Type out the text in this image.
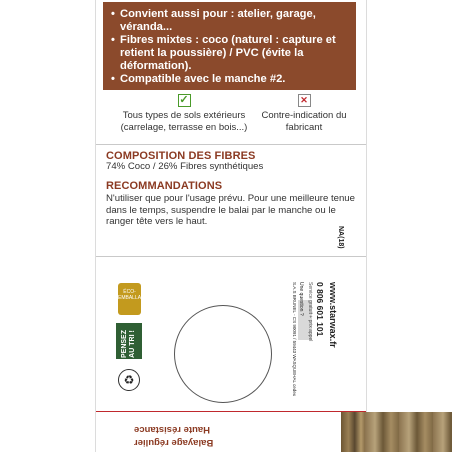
• Convient aussi pour : atelier, garage, véranda...
• Fibres mixtes : coco (naturel : capture et retient la poussière) / PVC (évite la déformation).
• Compatible avec le manche #2.
✓
Tous types de sols extérieurs (carrelage, terrasse en bois...)
✕
Contre-indication du fabricant
COMPOSITION DES FIBRES
74% Coco / 26% Fibres synthétiques
RECOMMANDATIONS
N'utiliser que pour l'usage prévu. Pour une meilleure tenue dans le temps, suspendre le balai par le manche ou le ranger tête vers le haut.
NA(18)
ÉCO-EMBALLAGE
PENSEZ AU TRI !
♻
www.starwax.fr
0 806 601 101
Service gratuit + prix appel
Une question ?
S.A.S BRUNEL - CS 90091 / 59443 WASQUEHAL cedex
Haute résistance
Balayage régulier
